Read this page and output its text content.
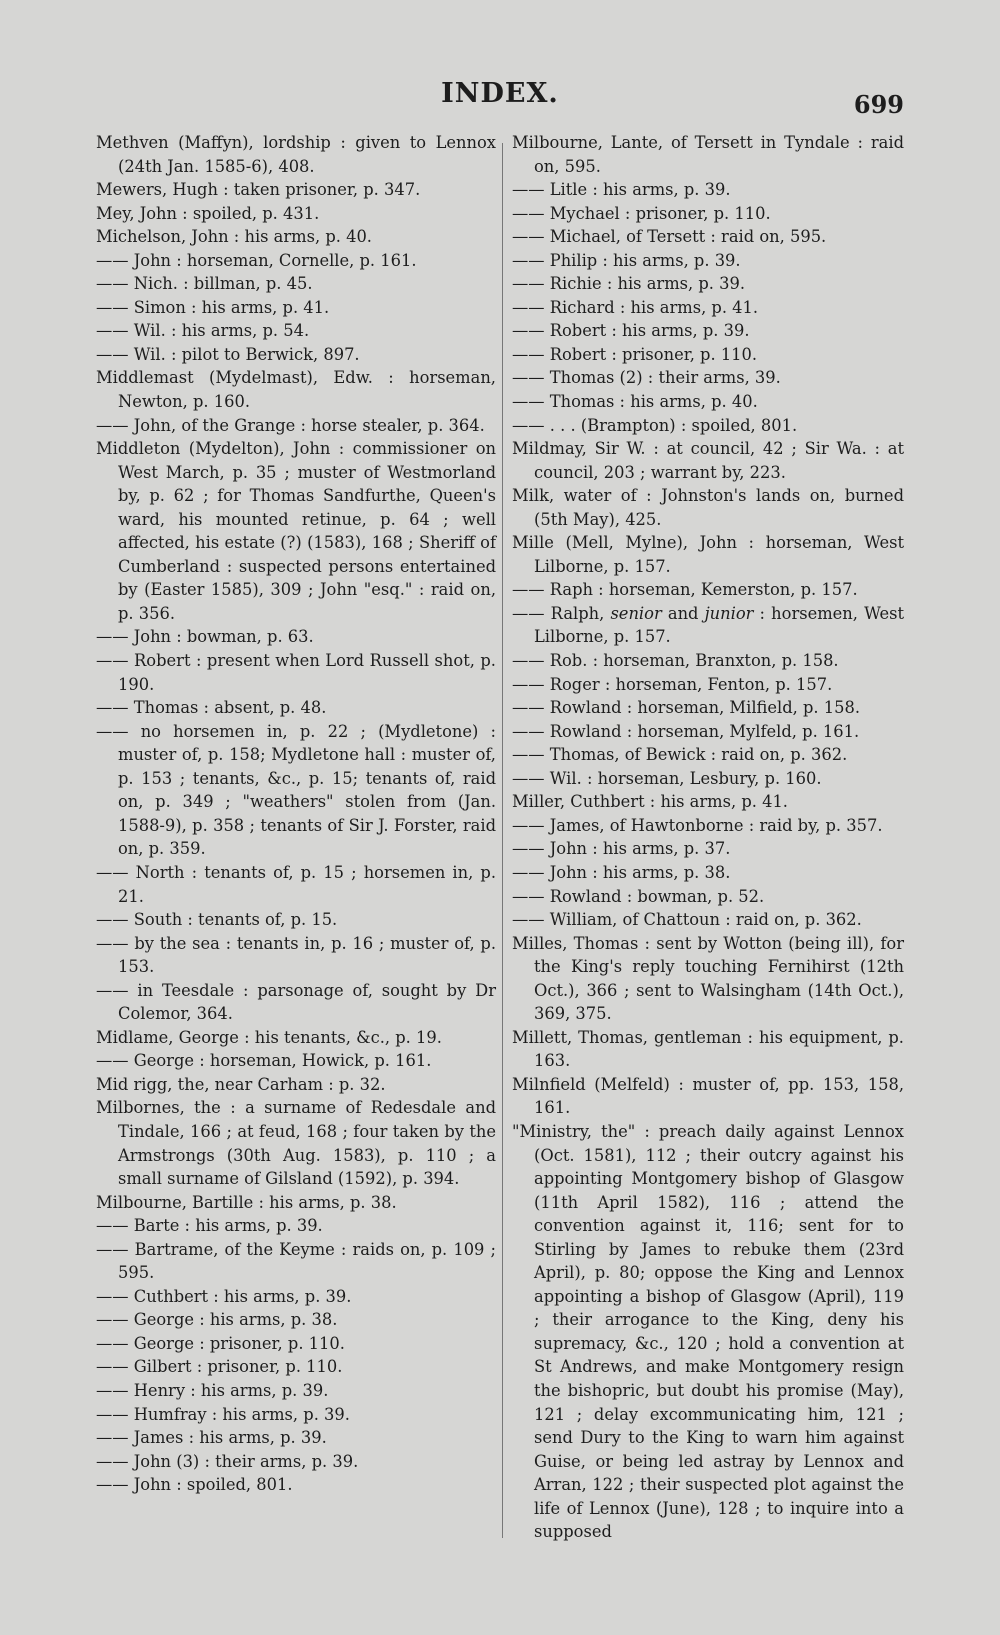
INDEX.	699
Methven (Maffyn), lordship : given to Lennox (24th Jan. 1585-6), 408.
Mewers, Hugh : taken prisoner, p. 347.
Mey, John : spoiled, p. 431.
Michelson, John : his arms, p. 40.
—— John : horseman, Cornelle, p. 161.
—— Nich. : billman, p. 45.
—— Simon : his arms, p. 41.
—— Wil. : his arms, p. 54.
—— Wil. : pilot to Berwick, 897.
Middlemast (Mydelmast), Edw. : horseman, Newton, p. 160.
—— John, of the Grange : horse stealer, p. 364.
Middleton (Mydelton), John : commissioner on West March, p. 35 ; muster of Westmorland by, p. 62 ; for Thomas Sandfurthe, Queen's ward, his mounted retinue, p. 64 ; well affected, his estate (?) (1583), 168 ; Sheriff of Cumberland : suspected persons entertained by (Easter 1585), 309 ; John "esq." : raid on, p. 356.
—— John : bowman, p. 63.
—— Robert : present when Lord Russell shot, p. 190.
—— Thomas : absent, p. 48.
—— no horsemen in, p. 22 ; (Mydletone) : muster of, p. 158; Mydletone hall : muster of, p. 153 ; tenants, &c., p. 15; tenants of, raid on, p. 349 ; "weathers" stolen from (Jan. 1588-9), p. 358 ; tenants of Sir J. Forster, raid on, p. 359.
—— North : tenants of, p. 15 ; horsemen in, p. 21.
—— South : tenants of, p. 15.
—— by the sea : tenants in, p. 16 ; muster of, p. 153.
—— in Teesdale : parsonage of, sought by Dr Colemor, 364.
Midlame, George : his tenants, &c., p. 19.
—— George : horseman, Howick, p. 161.
Mid rigg, the, near Carham : p. 32.
Milbornes, the : a surname of Redesdale and Tindale, 166 ; at feud, 168 ; four taken by the Armstrongs (30th Aug. 1583), p. 110 ; a small surname of Gilsland (1592), p. 394.
Milbourne, Bartille : his arms, p. 38.
—— Barte : his arms, p. 39.
—— Bartrame, of the Keyme : raids on, p. 109 ; 595.
—— Cuthbert : his arms, p. 39.
—— George : his arms, p. 38.
—— George : prisoner, p. 110.
—— Gilbert : prisoner, p. 110.
—— Henry : his arms, p. 39.
—— Humfray : his arms, p. 39.
—— James : his arms, p. 39.
—— John (3) : their arms, p. 39.
—— John : spoiled, 801.
Milbourne, Lante, of Tersett in Tyndale : raid on, 595.
—— Litle : his arms, p. 39.
—— Mychael : prisoner, p. 110.
—— Michael, of Tersett : raid on, 595.
—— Philip : his arms, p. 39.
—— Richie : his arms, p. 39.
—— Richard : his arms, p. 41.
—— Robert : his arms, p. 39.
—— Robert : prisoner, p. 110.
—— Thomas (2) : their arms, 39.
—— Thomas : his arms, p. 40.
—— . . . (Brampton) : spoiled, 801.
Mildmay, Sir W. : at council, 42 ; Sir Wa. : at council, 203 ; warrant by, 223.
Milk, water of : Johnston's lands on, burned (5th May), 425.
Mille (Mell, Mylne), John : horseman, West Lilborne, p. 157.
—— Raph : horseman, Kemerston, p. 157.
—— Ralph, senior and junior : horsemen, West Lilborne, p. 157.
—— Rob. : horseman, Branxton, p. 158.
—— Roger : horseman, Fenton, p. 157.
—— Rowland : horseman, Milfield, p. 158.
—— Rowland : horseman, Mylfeld, p. 161.
—— Thomas, of Bewick : raid on, p. 362.
—— Wil. : horseman, Lesbury, p. 160.
Miller, Cuthbert : his arms, p. 41.
—— James, of Hawtonborne : raid by, p. 357.
—— John : his arms, p. 37.
—— John : his arms, p. 38.
—— Rowland : bowman, p. 52.
—— William, of Chattoun : raid on, p. 362.
Milles, Thomas : sent by Wotton (being ill), for the King's reply touching Fernihirst (12th Oct.), 366 ; sent to Walsingham (14th Oct.), 369, 375.
Millett, Thomas, gentleman : his equipment, p. 163.
Milnfield (Melfeld) : muster of, pp. 153, 158, 161.
"Ministry, the" : preach daily against Lennox (Oct. 1581), 112 ; their outcry against his appointing Montgomery bishop of Glasgow (11th April 1582), 116 ; attend the convention against it, 116; sent for to Stirling by James to rebuke them (23rd April), p. 80; oppose the King and Lennox appointing a bishop of Glasgow (April), 119 ; their arrogance to the King, deny his supremacy, &c., 120 ; hold a convention at St Andrews, and make Montgomery resign the bishopric, but doubt his promise (May), 121 ; delay excommunicating him, 121 ; send Dury to the King to warn him against Guise, or being led astray by Lennox and Arran, 122 ; their suspected plot against the life of Lennox (June), 128 ; to inquire into a supposed
